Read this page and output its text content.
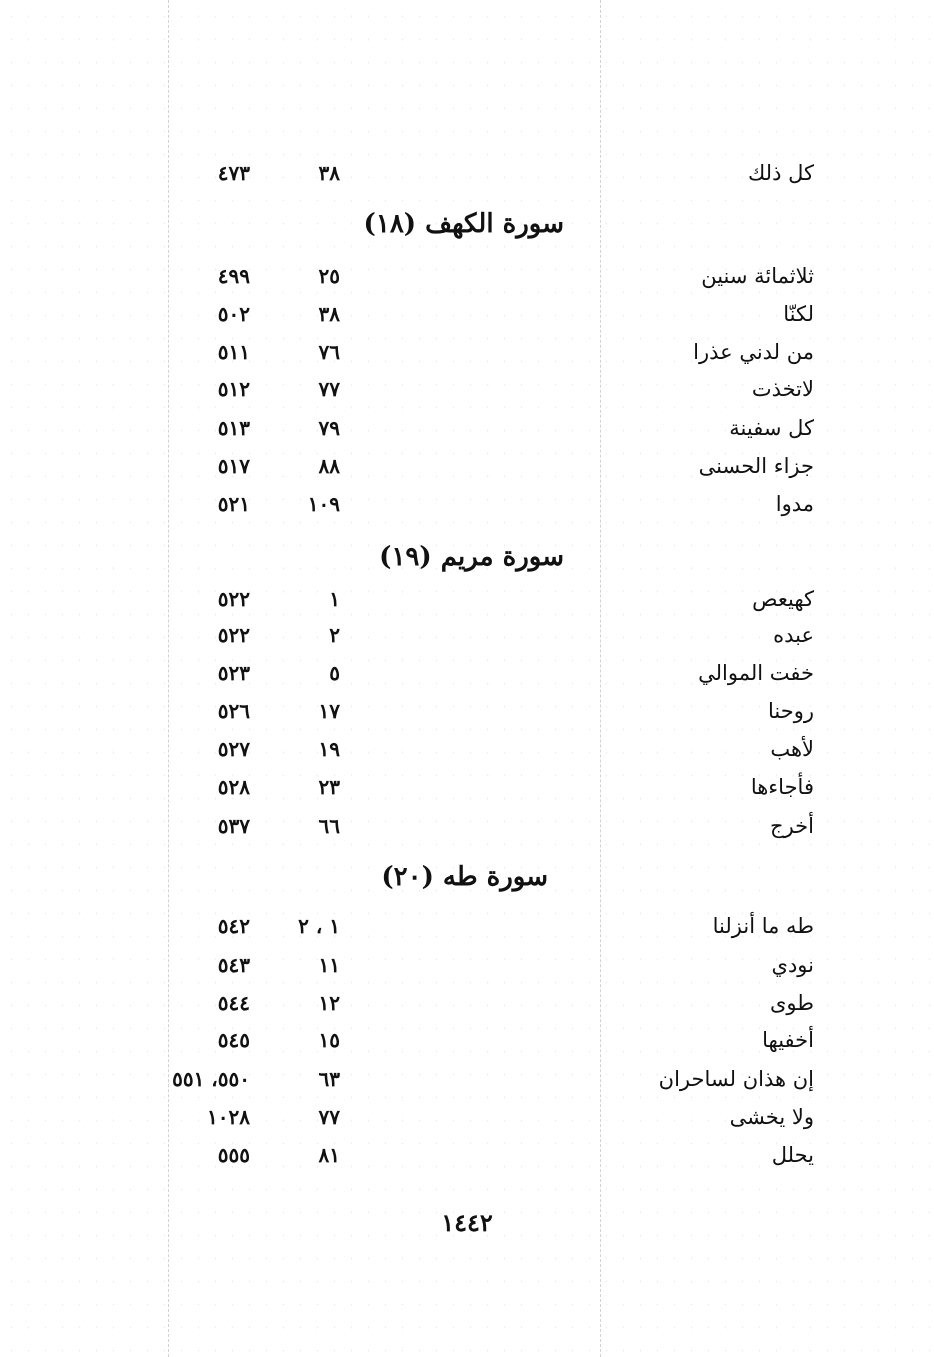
كل ذلك
٣٨
٤٧٣
سورة الكهف (١٨)
ثلاثمائة سنين
٢٥
٤٩٩
لكنّا
٣٨
٥٠٢
من لدني عذرا
٧٦
٥١١
لاتخذت
٧٧
٥١٢
كل سفينة
٧٩
٥١٣
جزاء الحسنى
٨٨
٥١٧
مدوا
١٠٩
٥٢١
سورة مريم (١٩)
كهيعص
١
٥٢٢
عبده
٢
٥٢٢
خفت الموالي
٥
٥٢٣
روحنا
١٧
٥٢٦
لأهب
١٩
٥٢٧
فأجاءها
٢٣
٥٢٨
أخرج
٦٦
٥٣٧
سورة طه (٢٠)
طه ما أنزلنا
١ ، ٢
٥٤٢
نودي
١١
٥٤٣
طوى
١٢
٥٤٤
أخفيها
١٥
٥٤٥
إن هذان لساحران
٦٣
٥٥٠، ٥٥١
ولا يخشى
٧٧
١٠٢٨
يحلل
٨١
٥٥٥
١٤٤٢
